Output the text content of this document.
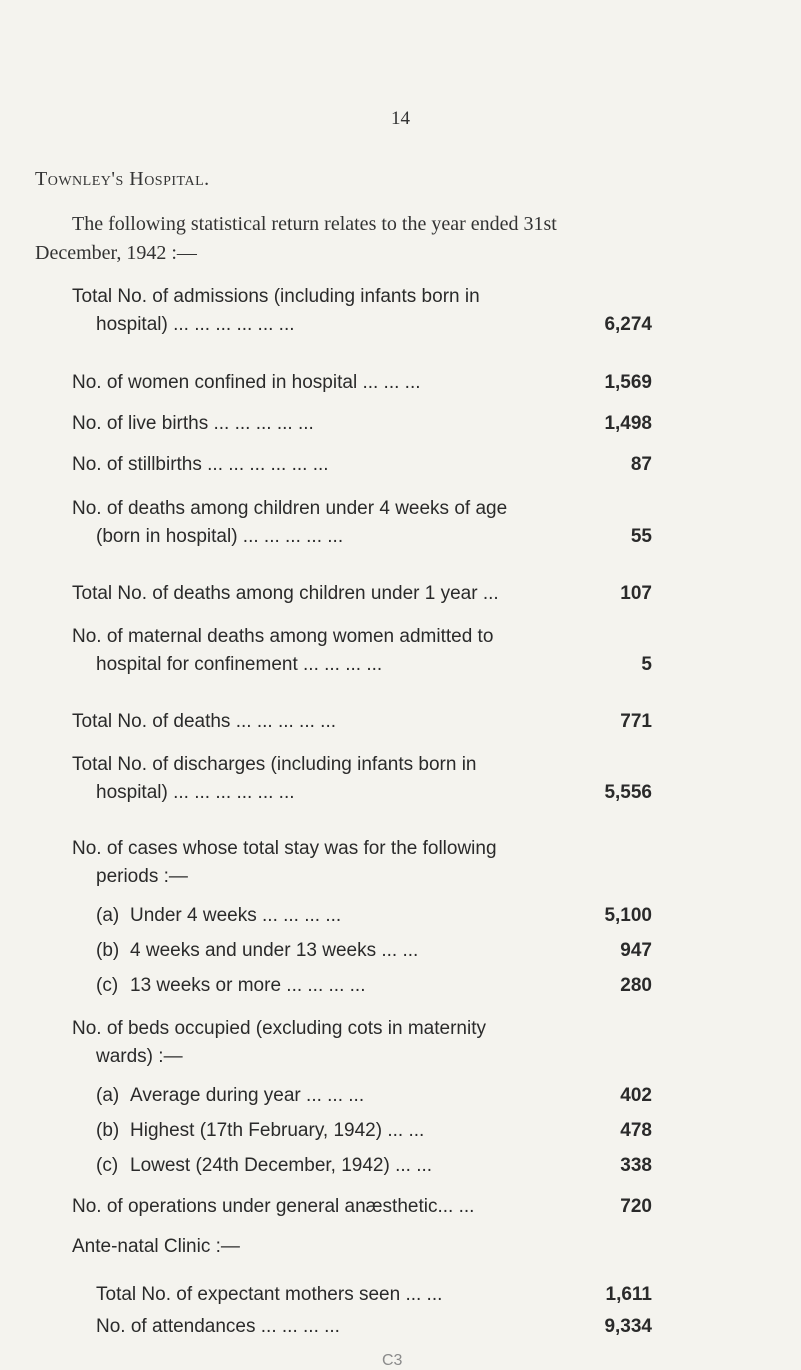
14
Townley's Hospital.
The following statistical return relates to the year ended 31st
December, 1942 :—
Total No. of admissions (including infants born in
hospital) ... ... ... ... ... ...	6,274
No. of women confined in hospital ... ... ...	1,569
No. of live births ... ... ... ... ...	1,498
No. of stillbirths ... ... ... ... ... ...	87
No. of deaths among children under 4 weeks of age
(born in hospital) ... ... ... ... ...	55
Total No. of deaths among children under 1 year ...	107
No. of maternal deaths among women admitted to
hospital for confinement ... ... ... ...	5
Total No. of deaths ... ... ... ... ...	771
Total No. of discharges (including infants born in
hospital) ... ... ... ... ... ...	5,556
No. of cases whose total stay was for the following
periods :—
(a) Under 4 weeks ... ... ... ...	5,100
(b) 4 weeks and under 13 weeks ... ...	947
(c) 13 weeks or more ... ... ... ...	280
No. of beds occupied (excluding cots in maternity
wards) :—
(a) Average during year ... ... ...	402
(b) Highest (17th February, 1942) ... ...	478
(c) Lowest (24th December, 1942) ... ...	338
No. of operations under general anæsthetic... ...	720
Ante-natal Clinic :—
Total No. of expectant mothers seen ... ...	1,611
No. of attendances ... ... ... ...	9,334
C3
